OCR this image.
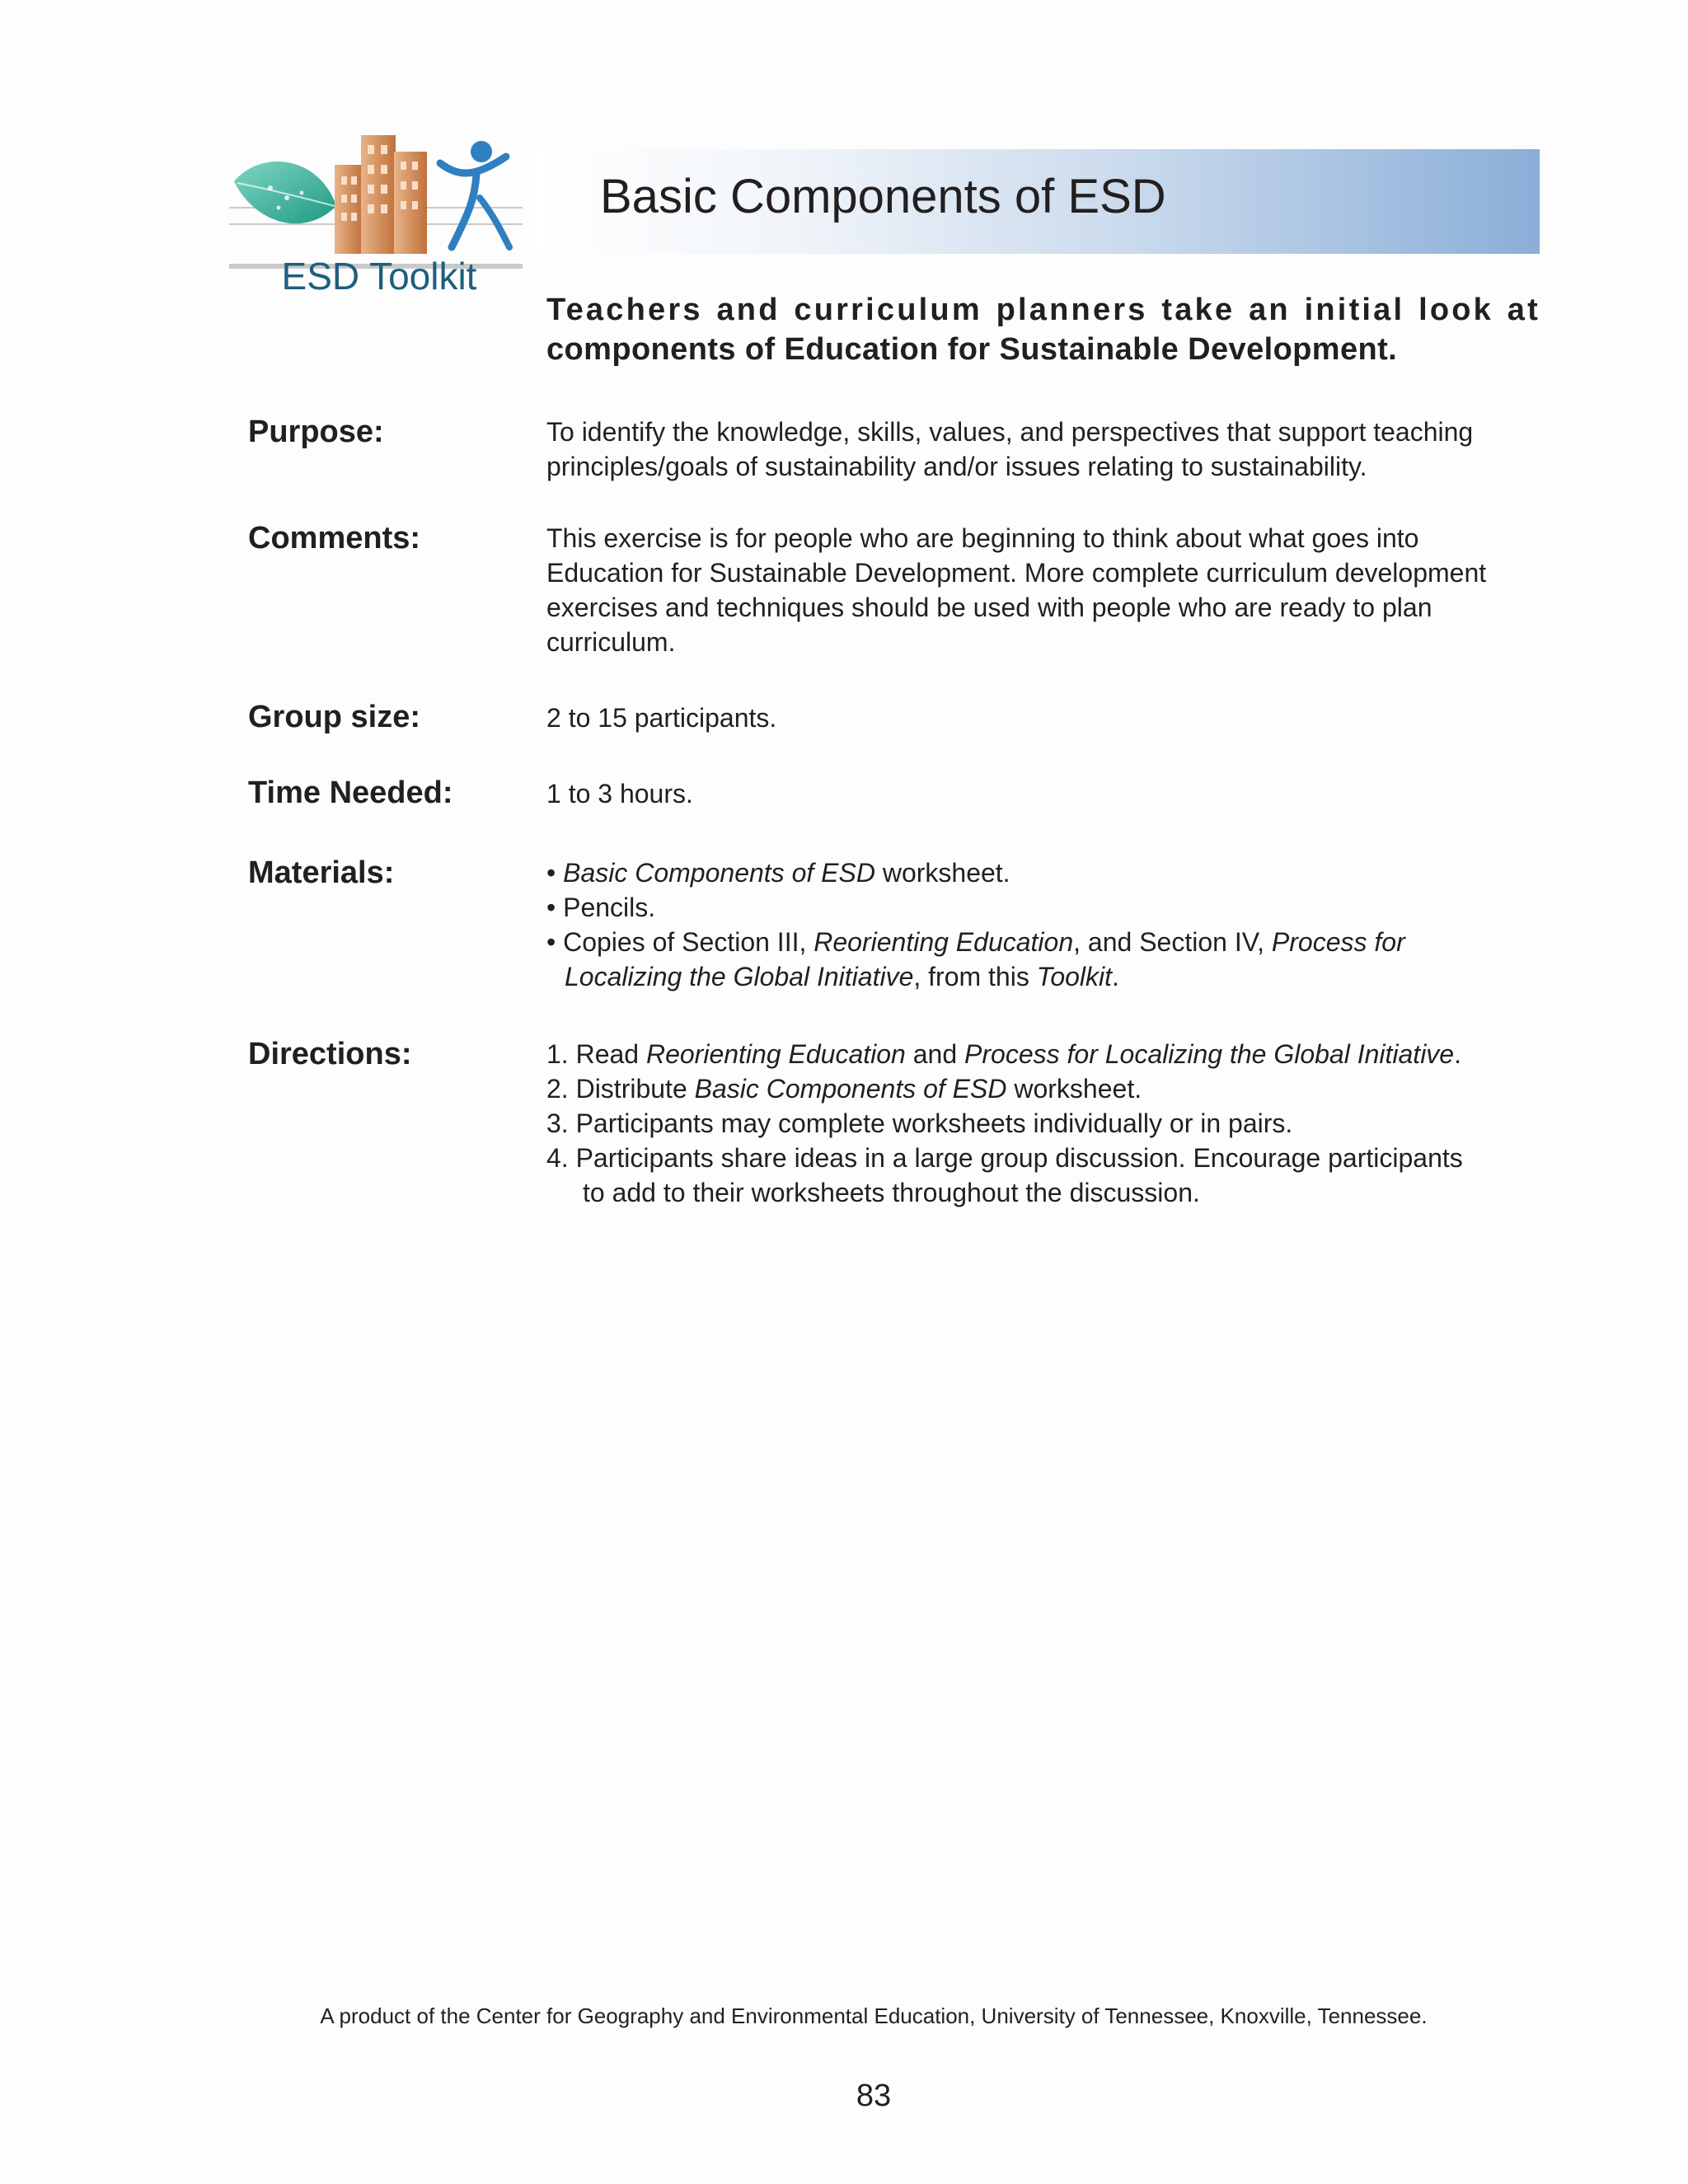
ESD Toolkit
Basic Components of ESD
Teachers and curriculum planners take an initial look at
components of Education for Sustainable Development.
Purpose:	To identify the knowledge, skills, values, and perspectives that support teaching

principles/goals of sustainability and/or issues relating to sustainability.

Comments:	This exercise is for people who are beginning to think about what goes into

Education for Sustainable Development. More complete curriculum development

exercises and techniques should be used with people who are ready to plan

curriculum.

Group size:	2 to 15 participants.
Time Needed:	1 to 3 hours.
Materials:	• Basic Components of ESD worksheet.
• Pencils.
• Copies of Section III, Reorienting Education, and Section IV, Process for
Localizing the Global Initiative, from this Toolkit.
Directions:	1. Read Reorienting Education and Process for Localizing the Global Initiative.

2. Distribute Basic Components of ESD worksheet.

3. Participants may complete worksheets individually or in pairs.

4. Participants share ideas in a large group discussion. Encourage participants
to add to their worksheets throughout the discussion.

A product of the Center for Geography and Environmental Education, University of Tennessee, Knoxville, Tennessee.
83
